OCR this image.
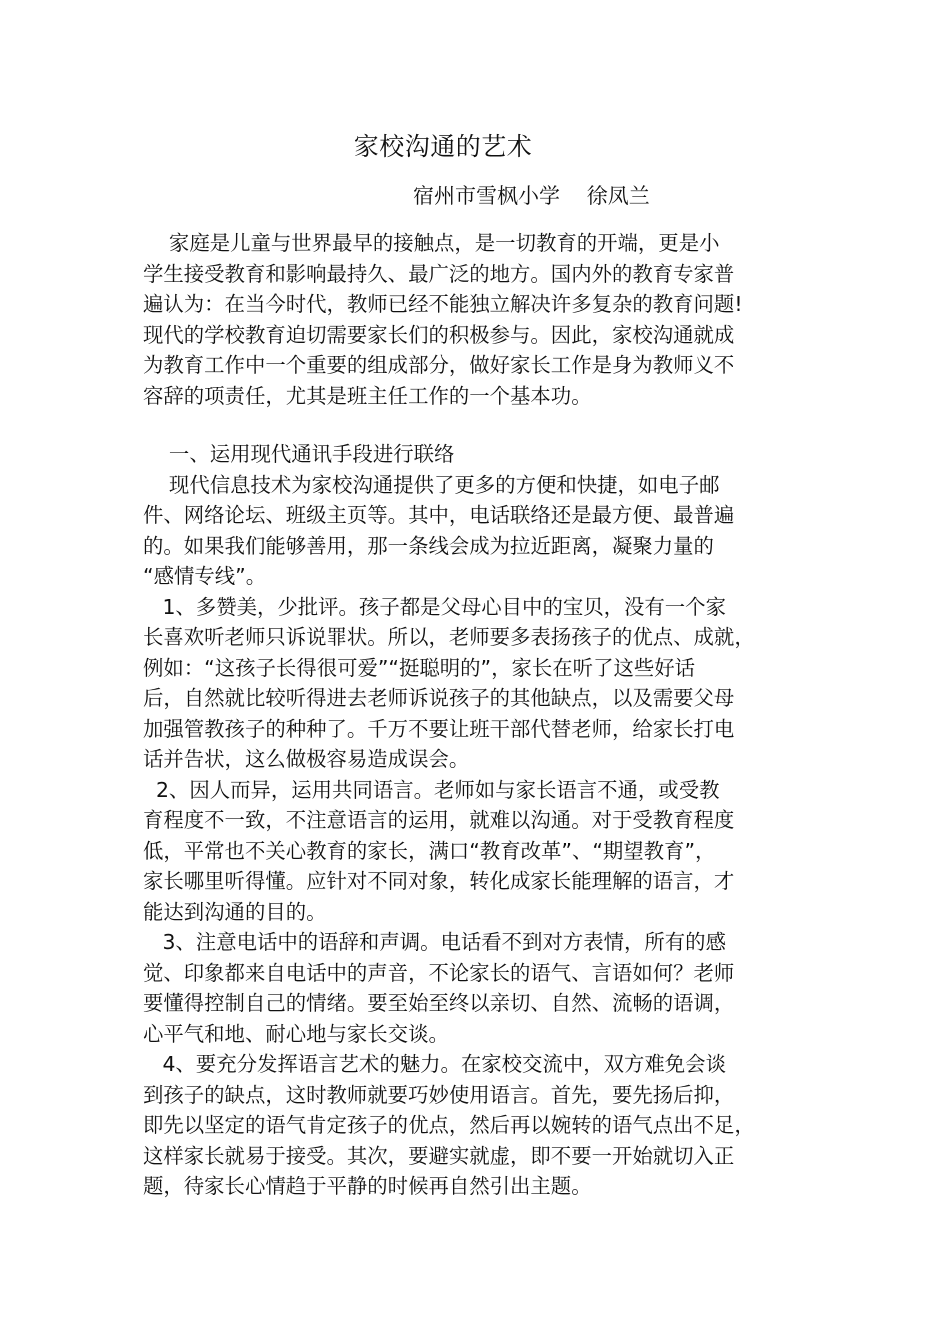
家校沟通的艺术
宿州市雪枫小学    徐凤兰
家庭是儿童与世界最早的接触点，是一切教育的开端，更是小
学生接受教育和影响最持久、最广泛的地方。国内外的教育专家普
遍认为：在当今时代，教师已经不能独立解决许多复杂的教育问题!
现代的学校教育迫切需要家长们的积极参与。因此，家校沟通就成
为教育工作中一个重要的组成部分，做好家长工作是身为教师义不
容辞的项责任，尤其是班主任工作的一个基本功。
一、运用现代通讯手段进行联络
现代信息技术为家校沟通提供了更多的方便和快捷，如电子邮
件、网络论坛、班级主页等。其中，电话联络还是最方便、最普遍
的。如果我们能够善用，那一条线会成为拉近距离，凝聚力量的
“感情专线”。
1、多赞美，少批评。孩子都是父母心目中的宝贝，没有一个家
长喜欢听老师只诉说罪状。所以，老师要多表扬孩子的优点、成就，
例如：“这孩子长得很可爱”“挺聪明的”，家长在听了这些好话
后，自然就比较听得进去老师诉说孩子的其他缺点，以及需要父母
加强管教孩子的种种了。千万不要让班干部代替老师，给家长打电
话并告状，这么做极容易造成误会。
2、因人而异，运用共同语言。老师如与家长语言不通，或受教
育程度不一致，不注意语言的运用，就难以沟通。对于受教育程度
低，平常也不关心教育的家长，满口“教育改革”、“期望教育”，
家长哪里听得懂。应针对不同对象，转化成家长能理解的语言，才
能达到沟通的目的。
3、注意电话中的语辞和声调。电话看不到对方表情，所有的感
觉、印象都来自电话中的声音，不论家长的语气、言语如何？老师
要懂得控制自己的情绪。要至始至终以亲切、自然、流畅的语调，
心平气和地、耐心地与家长交谈。
4、要充分发挥语言艺术的魅力。在家校交流中，双方难免会谈
到孩子的缺点，这时教师就要巧妙使用语言。首先，要先扬后抑，
即先以坚定的语气肯定孩子的优点，然后再以婉转的语气点出不足，
这样家长就易于接受。其次，要避实就虚，即不要一开始就切入正
题，待家长心情趋于平静的时候再自然引出主题。
